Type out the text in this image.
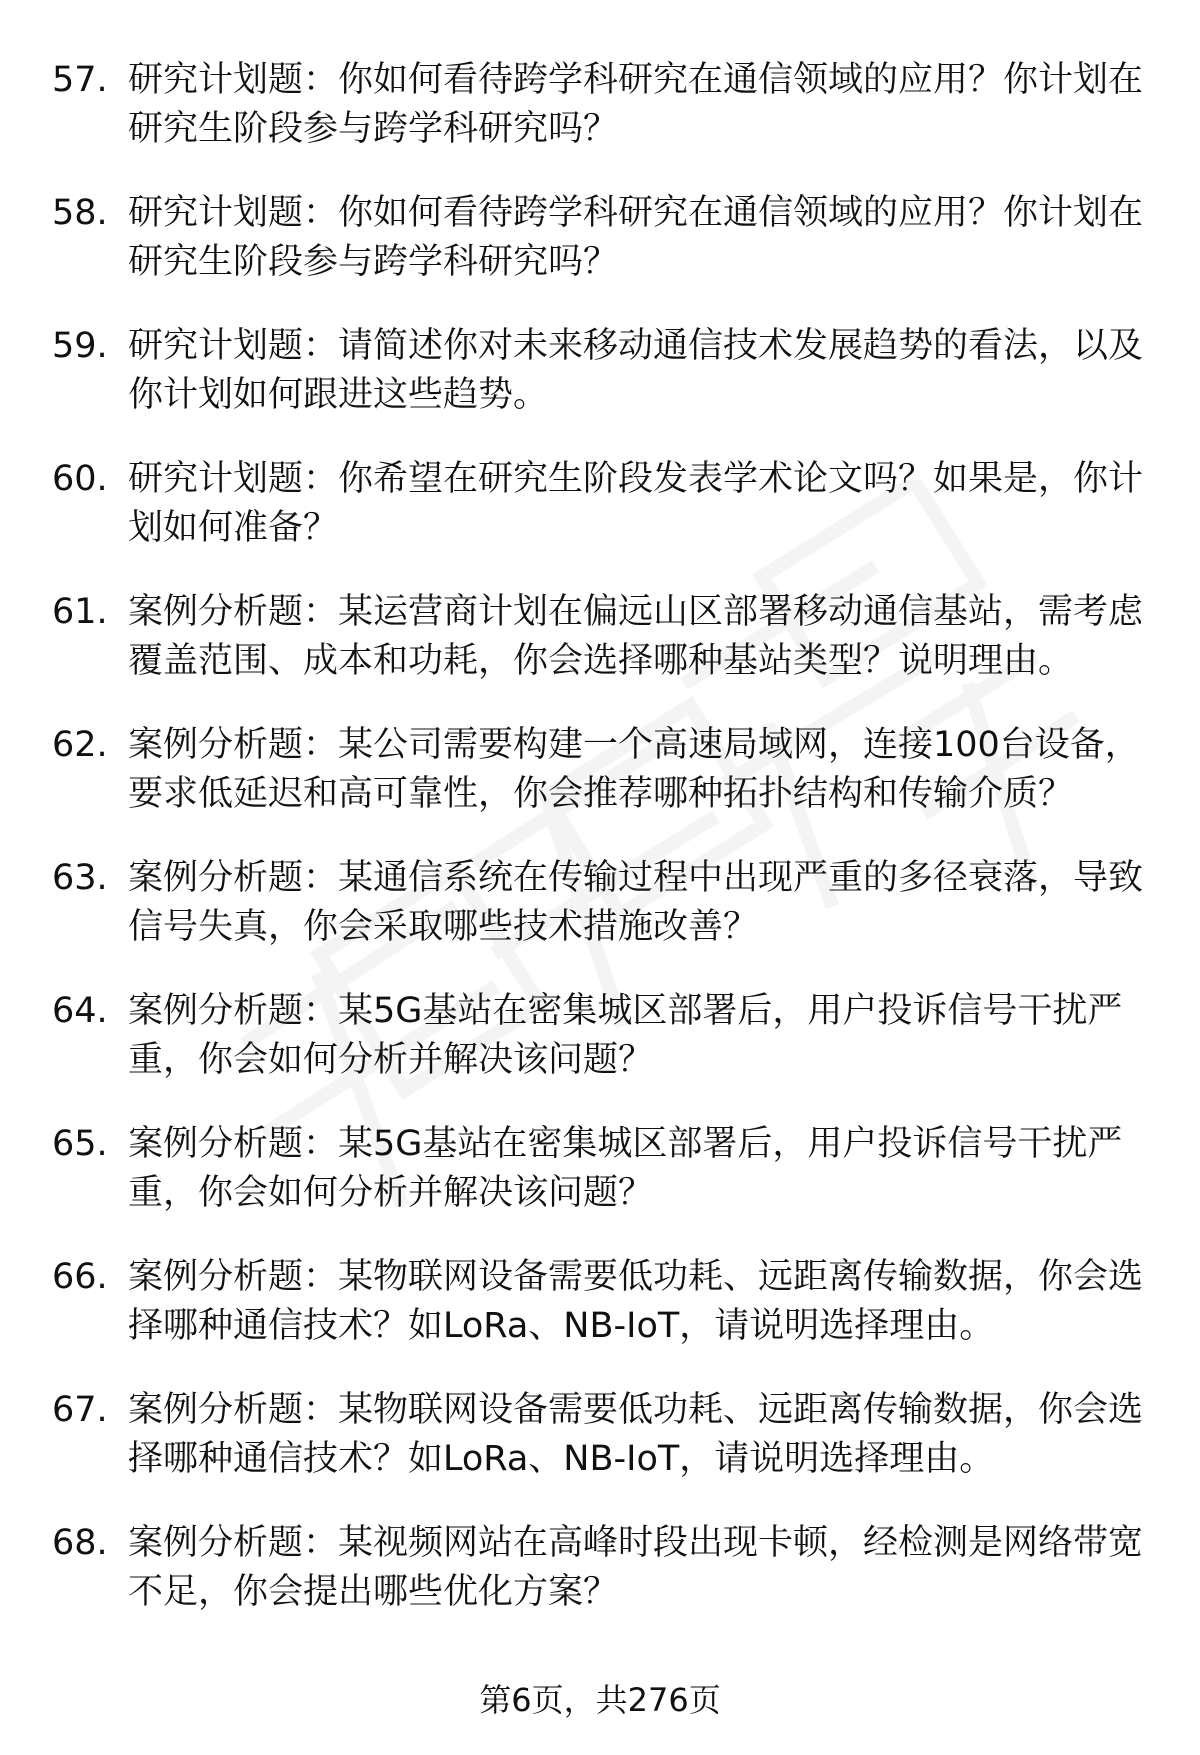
57. 研究计划题：你如何看待跨学科研究在通信领域的应用？你计划在研究生阶段参与跨学科研究吗？
58. 研究计划题：你如何看待跨学科研究在通信领域的应用？你计划在研究生阶段参与跨学科研究吗？
59. 研究计划题：请简述你对未来移动通信技术发展趋势的看法，以及你计划如何跟进这些趋势。
60. 研究计划题：你希望在研究生阶段发表学术论文吗？如果是，你计划如何准备？
61. 案例分析题：某运营商计划在偏远山区部署移动通信基站，需考虑覆盖范围、成本和功耗，你会选择哪种基站类型？说明理由。
62. 案例分析题：某公司需要构建一个高速局域网，连接100台设备，要求低延迟和高可靠性，你会推荐哪种拓扑结构和传输介质？
63. 案例分析题：某通信系统在传输过程中出现严重的多径衰落，导致信号失真，你会采取哪些技术措施改善？
64. 案例分析题：某5G基站在密集城区部署后，用户投诉信号干扰严重，你会如何分析并解决该问题？
65. 案例分析题：某5G基站在密集城区部署后，用户投诉信号干扰严重，你会如何分析并解决该问题？
66. 案例分析题：某物联网设备需要低功耗、远距离传输数据，你会选择哪种通信技术？如LoRa、NB-IoT，请说明选择理由。
67. 案例分析题：某物联网设备需要低功耗、远距离传输数据，你会选择哪种通信技术？如LoRa、NB-IoT，请说明选择理由。
68. 案例分析题：某视频网站在高峰时段出现卡顿，经检测是网络带宽不足，你会提出哪些优化方案？
第6页，共276页
